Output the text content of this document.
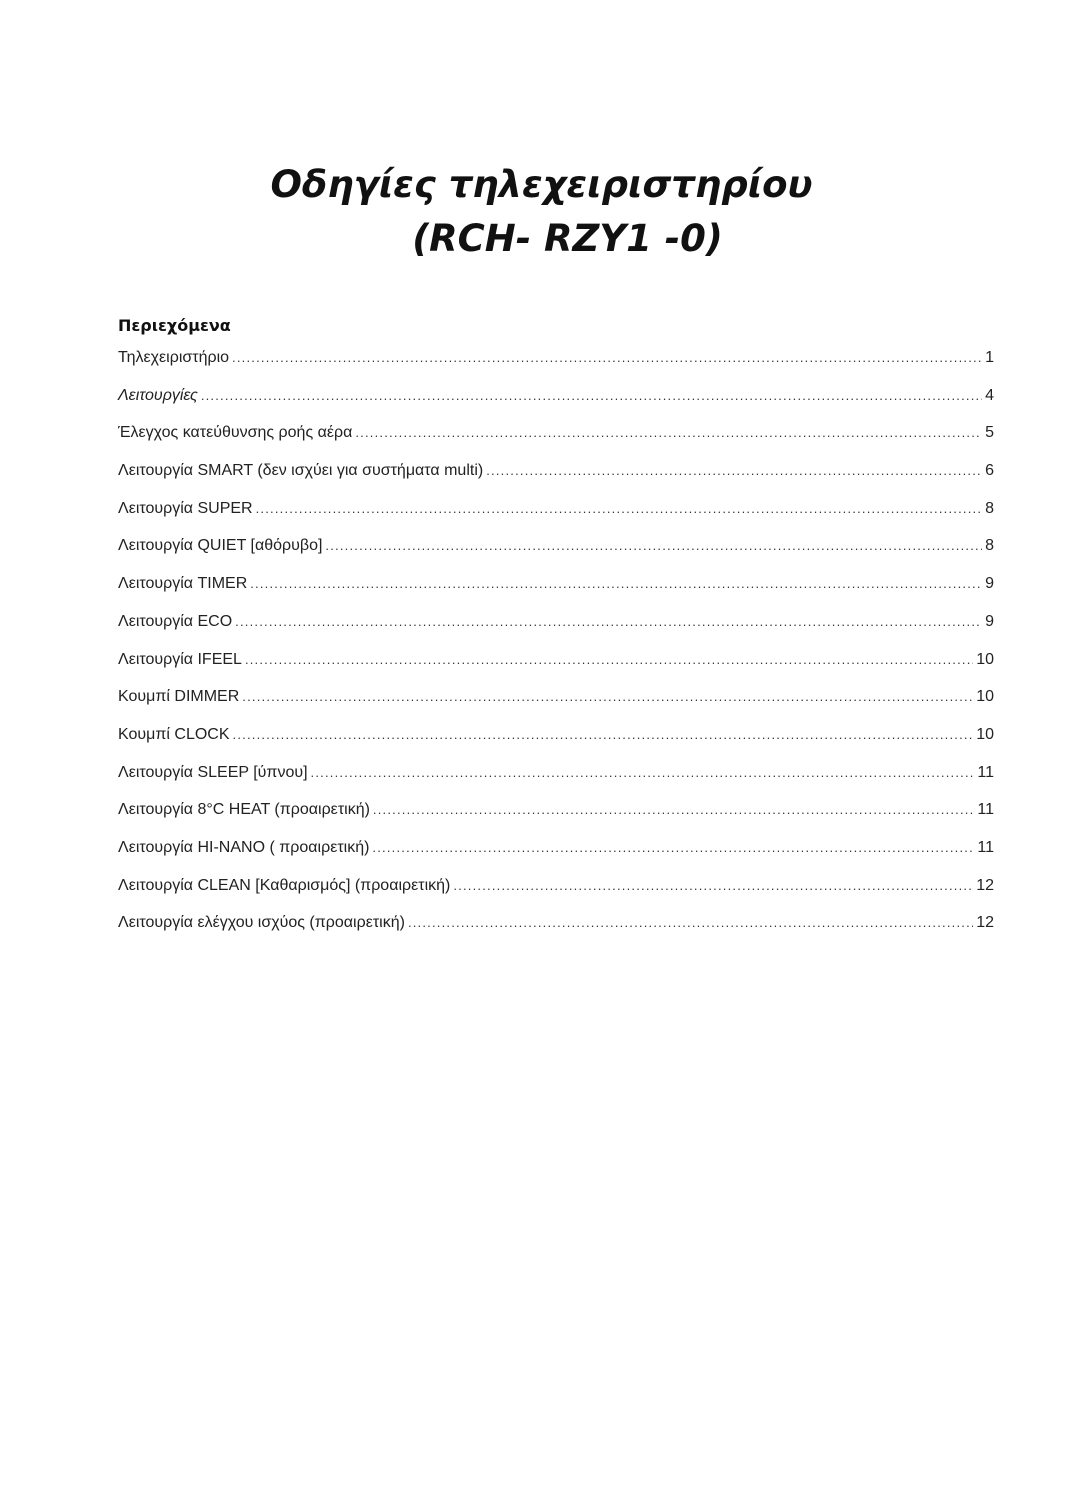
Οδηγίες τηλεχειριστηρίου
(RCH- RZY1 -0)
Περιεχόμενα
Τηλεχειριστήριο .....	1
Λειτουργίες .....	4
Έλεγχος κατεύθυνσης ροής αέρα .....	5
Λειτουργία SMART (δεν ισχύει για συστήματα multi) .....	6
Λειτουργία SUPER .....	8
Λειτουργία QUIET [αθόρυβο] .....	8
Λειτουργία TIMER .....	9
Λειτουργία ECO .....	9
Λειτουργία IFEEL .....	10
Κουμπί DIMMER .....	10
Κουμπί CLOCK .....	10
Λειτουργία SLEEP [ύπνου] .....	11
Λειτουργία 8°C HEAT (προαιρετική) .....	11
Λειτουργία HI-NANO ( προαιρετική) .....	11
Λειτουργία CLEAN [Καθαρισμός] (προαιρετική) .....	12
Λειτουργία ελέγχου ισχύος (προαιρετική) .....	12
